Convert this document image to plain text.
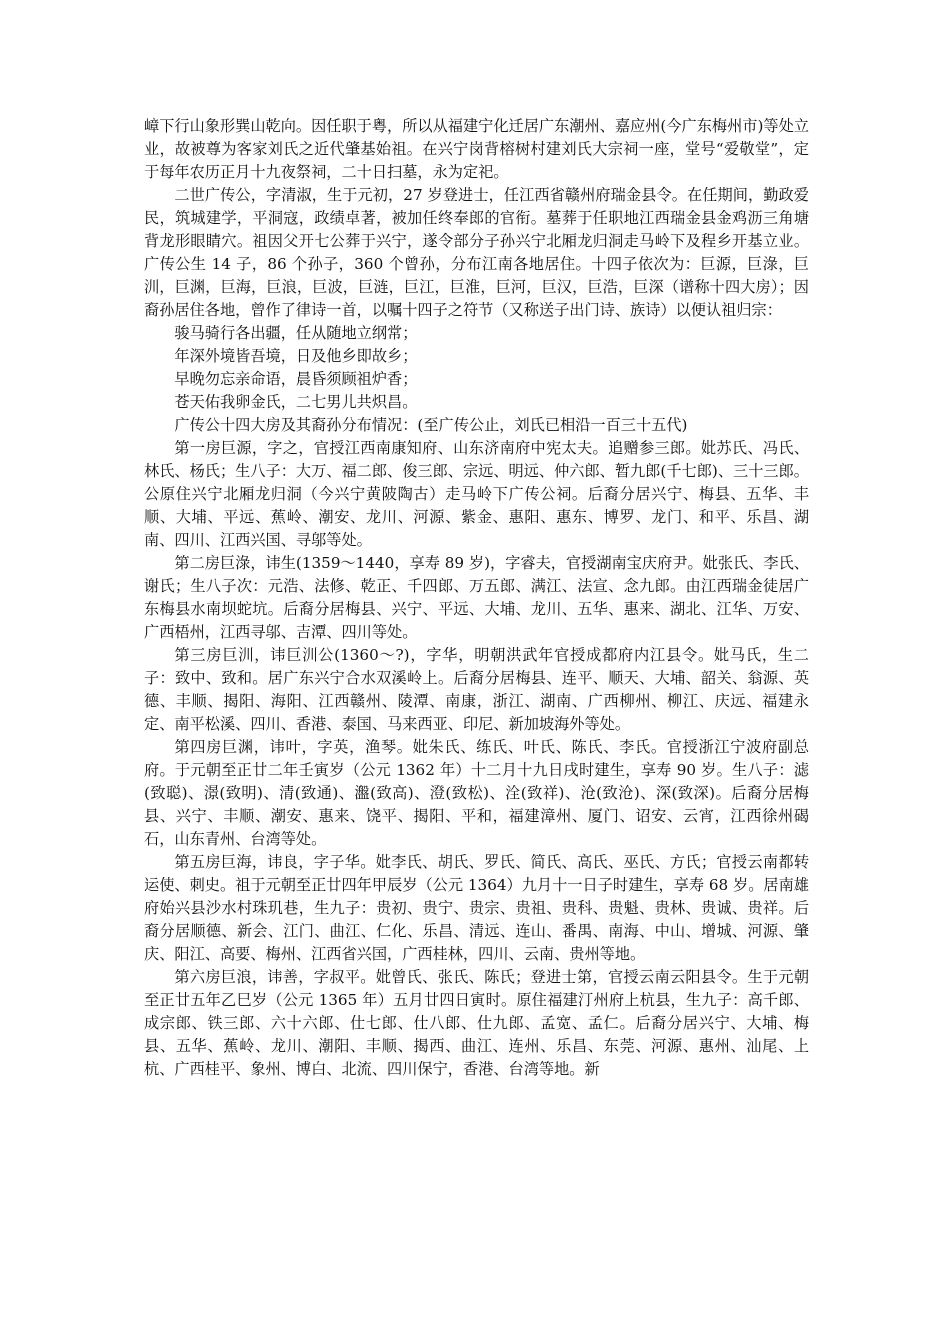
嶂下行山象形巽山乾向。因任职于粤，所以从福建宁化迁居广东潮州、嘉应州(今广东梅州市)等处立业，故被尊为客家刘氏之近代肇基始祖。在兴宁岗背榕树村建刘氏大宗祠一座，堂号“爱敬堂”，定于每年农历正月十九夜祭祠，二十日扫墓，永为定祀。

二世广传公，字清淑，生于元初，27 岁登进士，任江西省赣州府瑞金县令。在任期间，勤政爱民，筑城建学，平洞寇，政绩卓著，被加任终奉郎的官衔。墓葬于任职地江西瑞金县金鸡沥三角塘背龙形眼睛穴。祖因父开七公葬于兴宁，遂令部分子孙兴宁北厢龙归洞走马岭下及程乡开基立业。广传公生 14 子，86 个孙子，360 个曾孙，分布江南各地居住。十四子依次为：巨源，巨淥，巨汌，巨渊，巨海，巨浪，巨波，巨涟，巨江，巨淮，巨河，巨汉，巨浩，巨深（谱称十四大房）；因裔孙居住各地，曾作了律诗一首，以嘱十四子之符节（又称送子出门诗、族诗）以便认祖归宗：

骏马骑行各出疆，任从随地立纲常；

年深外境皆吾境，日及他乡即故乡；

早晚勿忘亲命语，晨昏须顾祖炉香；

苍天佑我卵金氏，二七男儿共炽昌。

广传公十四大房及其裔孙分布情况：(至广传公止，刘氏已相沿一百三十五代)

第一房巨源，字之，官授江西南康知府、山东济南府中宪太夫。追赠参三郎。妣苏氏、冯氏、林氏、杨氏；生八子：大万、福二郎、俊三郎、宗远、明远、仲六郎、暂九郎(千七郎)、三十三郎。公原住兴宁北厢龙归洞（今兴宁黄陂陶古）走马岭下广传公祠。后裔分居兴宁、梅县、五华、丰顺、大埔、平远、蕉岭、潮安、龙川、河源、紫金、惠阳、惠东、博罗、龙门、和平、乐昌、湖南、四川、江西兴国、寻邬等处。

第二房巨淥，讳生(1359～1440，享寿 89 岁)，字睿夫，官授湖南宝庆府尹。妣张氏、李氏、谢氏；生八子次：元浩、法修、乾正、千四郎、万五郎、满江、法宣、念九郎。由江西瑞金徒居广东梅县水南坝蛇坑。后裔分居梅县、兴宁、平远、大埔、龙川、五华、惠来、湖北、江华、万安、广西梧州，江西寻邬、吉潭、四川等处。

第三房巨汌，讳巨汌公(1360～?)，字华，明朝洪武年官授成都府内江县令。妣马氏，生二子：致中、致和。居广东兴宁合水双溪岭上。后裔分居梅县、连平、顺天、大埔、韶关、翁源、英德、丰顺、揭阳、海阳、江西赣州、陵潭、南康，浙江、湖南、广西柳州、柳江、庆远、福建永定、南平松溪、四川、香港、泰国、马来西亚、印尼、新加坡海外等处。

第四房巨渊，讳叶，字英，渔琴。妣朱氏、练氏、叶氏、陈氏、李氏。官授浙江宁波府副总府。于元朝至正廿二年壬寅岁（公元 1362 年）十二月十九日戌时建生，享寿 90 岁。生八子：滤(致聪)、澋(致明)、清(致通)、瀊(致高)、澄(致松)、洤(致祥)、沧(致沧)、深(致深)。后裔分居梅县、兴宁、丰顺、潮安、惠来、饶平、揭阳、平和，福建漳州、厦门、诏安、云宵，江西徐州碣石，山东青州、台湾等处。

第五房巨海，讳良，字子华。妣李氏、胡氏、罗氏、简氏、高氏、巫氏、方氏；官授云南都转运使、刺史。祖于元朝至正廿四年甲辰岁（公元 1364）九月十一日子时建生，享寿 68 岁。居南雄府始兴县沙水村珠玑巷，生九子：贵初、贵宁、贵宗、贵祖、贵科、贵魁、贵林、贵诚、贵祥。后裔分居顺德、新会、江门、曲江、仁化、乐昌、清远、连山、番禺、南海、中山、增城、河源、肇庆、阳江、高要、梅州、江西省兴国，广西桂林，四川、云南、贵州等地。

第六房巨浪，讳善，字叔平。妣曾氏、张氏、陈氏；登进士第，官授云南云阳县令。生于元朝至正廿五年乙巳岁（公元 1365 年）五月廿四日寅时。原住福建汀州府上杭县，生九子：高千郎、成宗郎、铁三郎、六十六郎、仕七郎、仕八郎、仕九郎、孟宽、孟仁。后裔分居兴宁、大埔、梅县、五华、蕉岭、龙川、潮阳、丰顺、揭西、曲江、连州、乐昌、东莞、河源、惠州、汕尾、上杭、广西桂平、象州、博白、北流、四川保宁，香港、台湾等地。新
